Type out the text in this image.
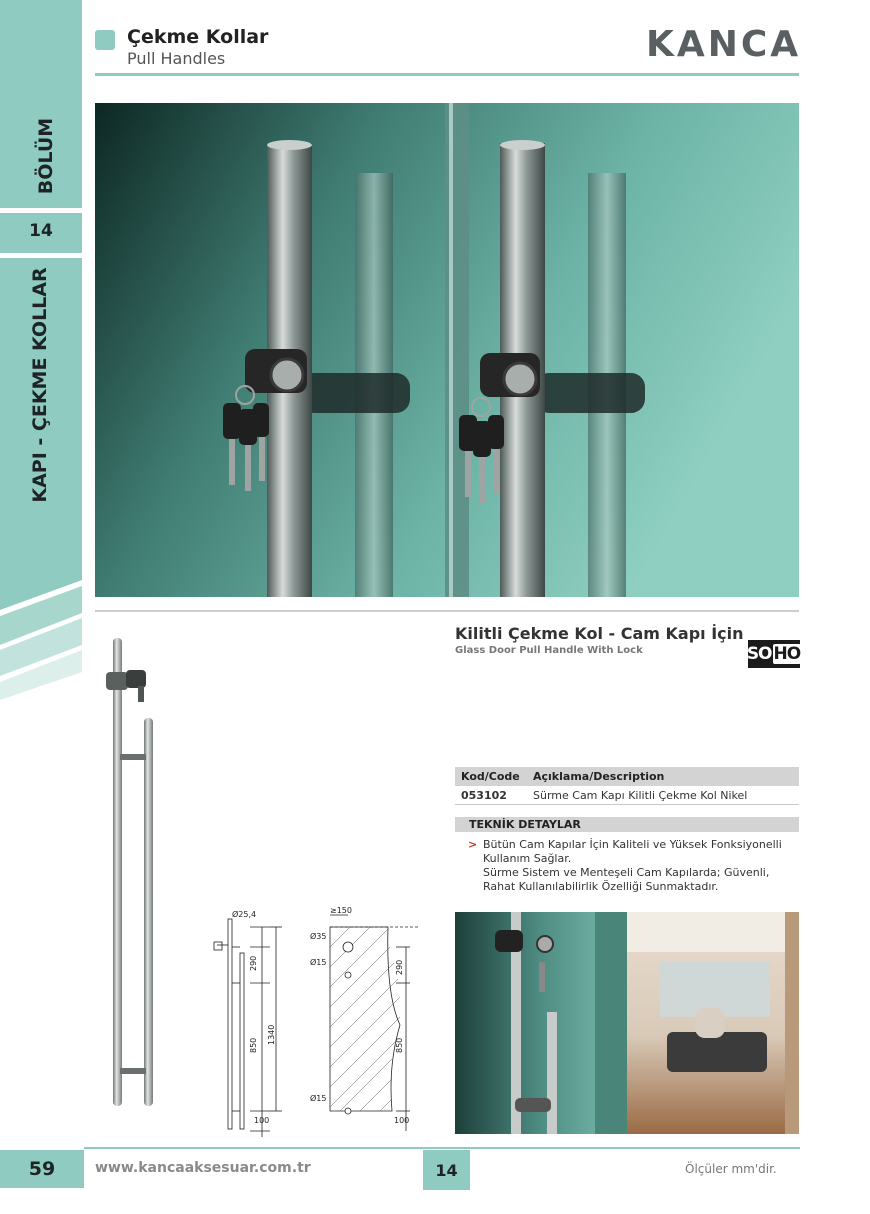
BÖLÜM
14
KAPI - ÇEKME KOLLAR
Çekme Kollar
Pull Handles	KANCA
Ø25,4	≥150
Ø35
Ø15
Ø15
290
850
1340
100
290
850
100
Kilitli Çekme Kol - Cam Kapı İçin
Glass Door Pull Handle With Lock	SO HO
Kod/Code	Açıklama/Description
053102	Sürme Cam Kapı Kilitli Çekme Kol Nikel
TEKNİK DETAYLAR
> Bütün Cam Kapılar İçin Kaliteli ve Yüksek Fonksiyonelli Kullanım Sağlar.
Sürme Sistem ve Menteşeli Cam Kapılarda; Güvenli, Rahat Kullanılabilirlik Özelliği Sunmaktadır.
59	www.kancaaksesuar.com.tr	14	Ölçüler mm'dir.
